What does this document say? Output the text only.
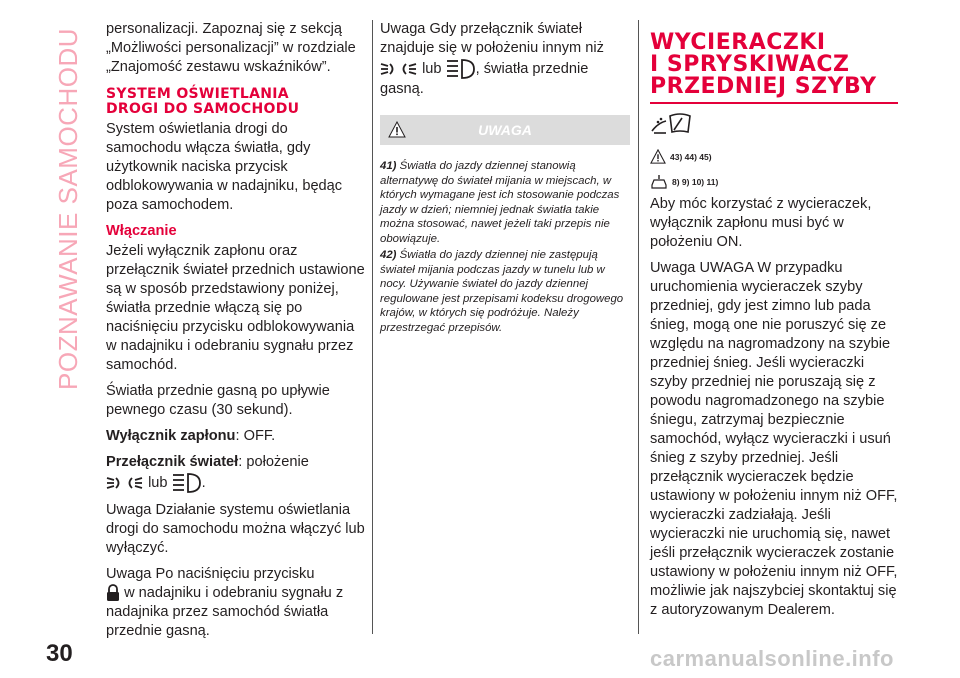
POZNAWANIE SAMOCHODU personalizacji. Zapoznaj się z sekcją „Możliwości personalizacji” w rozdziale „Znajomość zestawu wskaźników”.

SYSTEM OŚWIETLANIA
DROGI DO SAMOCHODU

System oświetlania drogi do samochodu włącza światła, gdy użytkownik naciska przycisk odblokowywania w nadajniku, będąc poza samochodem.

Włączanie

Jeżeli wyłącznik zapłonu oraz przełącznik świateł przednich ustawione są w sposób przedstawiony poniżej, światła przednie włączą się po naciśnięciu przycisku odblokowywania w nadajniku i odebraniu sygnału przez samochód.

Światła przednie gasną po upływie pewnego czasu (30 sekund).

Wyłącznik zapłonu: OFF.

Przełącznik świateł: położenie
lub .

Uwaga Działanie systemu oświetlania drogi do samochodu można włączyć lub wyłączyć.

Uwaga Po naciśnięciu przycisku
w nadajniku i odebraniu sygnału z nadajnika przez samochód światła przednie gasną.

Uwaga Gdy przełącznik świateł znajduje się w położeniu innym niż
lub , światła przednie gasną.

UWAGA

41) Światła do jazdy dziennej stanowią alternatywę do świateł mijania w miejscach, w których wymagane jest ich stosowanie podczas jazdy w dzień; niemniej jednak światła takie można stosować, nawet jeżeli taki przepis nie obowiązuje.

42) Światła do jazdy dziennej nie zastępują świateł mijania podczas jazdy w tunelu lub w nocy. Używanie świateł do jazdy dziennej regulowane jest przepisami kodeksu drogowego krajów, w których się podróżuje. Należy przestrzegać przepisów.

WYCIERACZKI
I SPRYSKIWACZ
PRZEDNIEJ SZYBY
43) 44) 45)
8) 9) 10) 11)

Aby móc korzystać z wycieraczek, wyłącznik zapłonu musi być w położeniu ON.

Uwaga UWAGA W przypadku uruchomienia wycieraczek szyby przedniej, gdy jest zimno lub pada śnieg, mogą one nie poruszyć się ze względu na nagromadzony na szybie przedniej śnieg. Jeśli wycieraczki szyby przedniej nie poruszają się z powodu nagromadzonego na szybie śniegu, zatrzymaj bezpiecznie samochód, wyłącz wycieraczki i usuń śnieg z szyby przedniej. Jeśli przełącznik wycieraczek będzie ustawiony w położeniu innym niż OFF, wycieraczki zadziałają. Jeśli wycieraczki nie uruchomią się, nawet jeśli przełącznik wycieraczek zostanie ustawiony w położeniu innym niż OFF, możliwie jak najszybciej skontaktuj się z autoryzowanym Dealerem.

30	carmanualsonline.info
